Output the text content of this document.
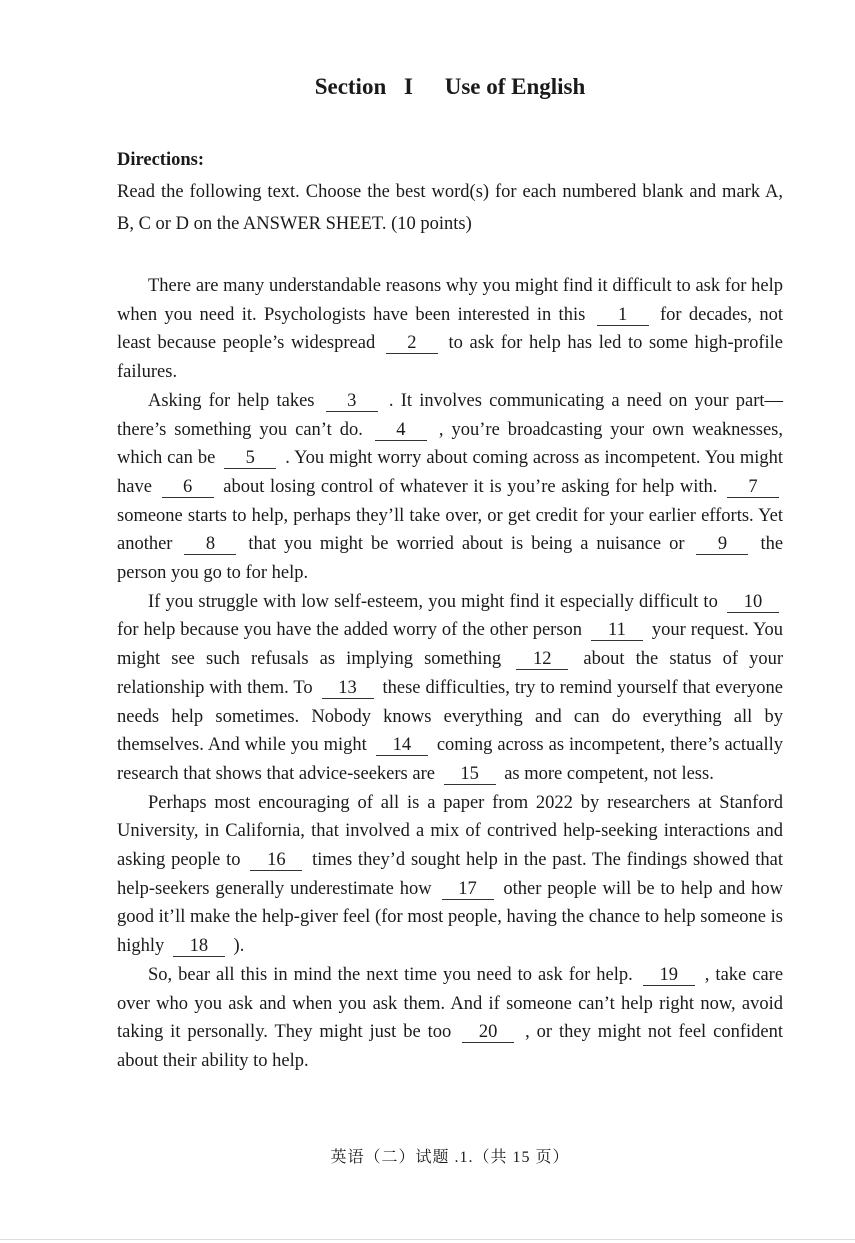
Section I Use of English
Directions:
Read the following text. Choose the best word(s) for each numbered blank and mark A, B, C or D on the ANSWER SHEET. (10 points)

There are many understandable reasons why you might find it difficult to ask for help when you need it. Psychologists have been interested in this 1 for decades, not least because people’s widespread 2 to ask for help has led to some high-profile failures.

Asking for help takes 3 . It involves communicating a need on your part—there’s something you can’t do. 4 , you’re broadcasting your own weaknesses, which can be 5 . You might worry about coming across as incompetent. You might have 6 about losing control of whatever it is you’re asking for help with. 7 someone starts to help, perhaps they’ll take over, or get credit for your earlier efforts. Yet another 8 that you might be worried about is being a nuisance or 9 the person you go to for help.

If you struggle with low self-esteem, you might find it especially difficult to 10 for help because you have the added worry of the other person 11 your request. You might see such refusals as implying something 12 about the status of your relationship with them. To 13 these difficulties, try to remind yourself that everyone needs help sometimes. Nobody knows everything and can do everything all by themselves. And while you might 14 coming across as incompetent, there’s actually research that shows that advice-seekers are 15 as more competent, not less.

Perhaps most encouraging of all is a paper from 2022 by researchers at Stanford University, in California, that involved a mix of contrived help-seeking interactions and asking people to 16 times they’d sought help in the past. The findings showed that help-seekers generally underestimate how 17 other people will be to help and how good it’ll make the help-giver feel (for most people, having the chance to help someone is highly 18 ).

So, bear all this in mind the next time you need to ask for help. 19 , take care over who you ask and when you ask them. And if someone can’t help right now, avoid taking it personally. They might just be too 20 , or they might not feel confident about their ability to help.

英语（二）试题 .1.（共 15 页）
